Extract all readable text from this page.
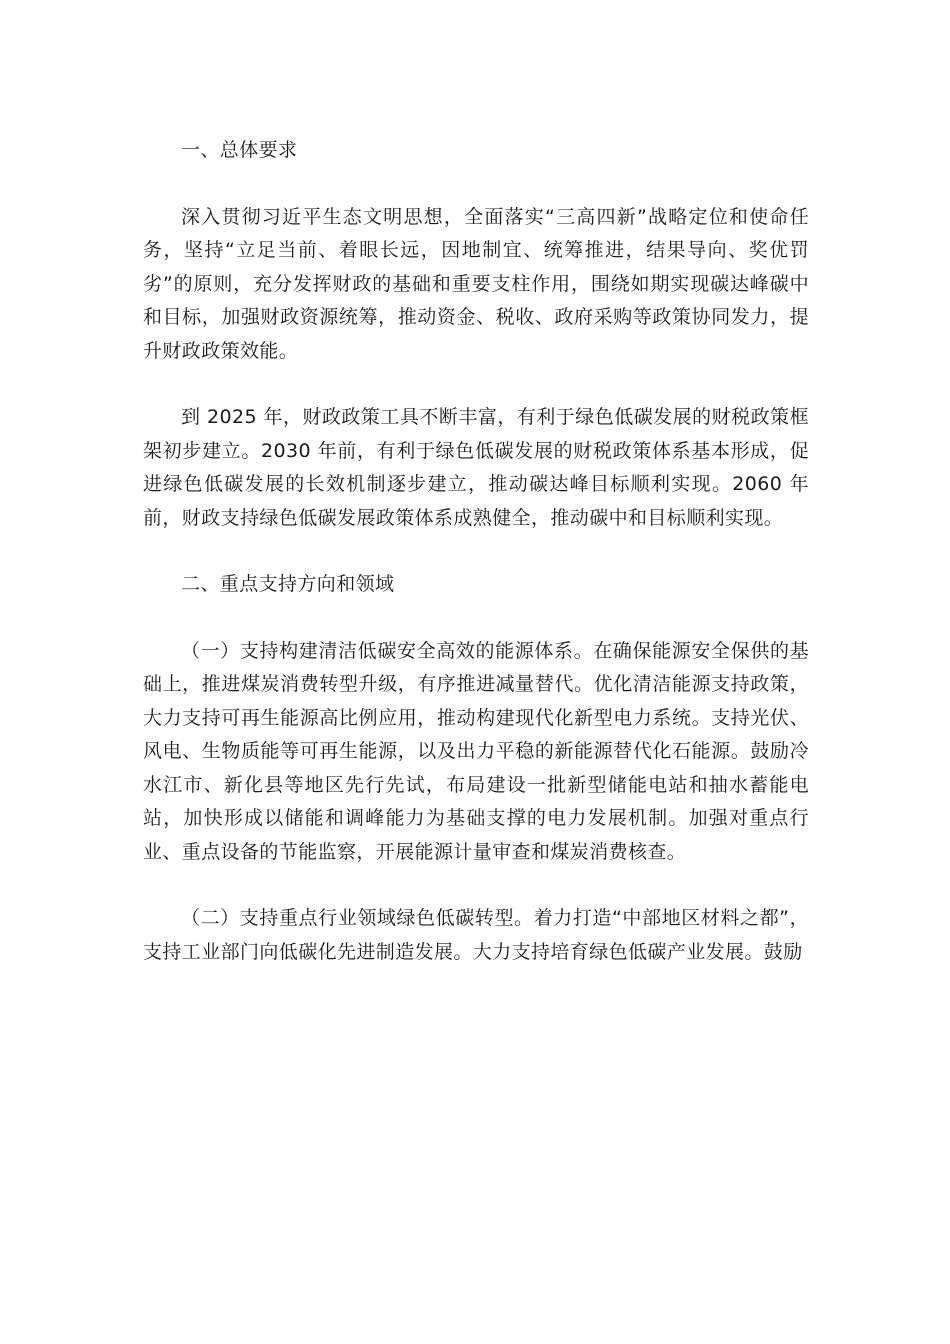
一、总体要求

深入贯彻习近平生态文明思想，全面落实“三高四新”战略定位和使命任务，坚持“立足当前、着眼长远，因地制宜、统筹推进，结果导向、奖优罚劣”的原则，充分发挥财政的基础和重要支柱作用，围绕如期实现碳达峰碳中和目标，加强财政资源统筹，推动资金、税收、政府采购等政策协同发力，提升财政政策效能。

到 2025 年，财政政策工具不断丰富，有利于绿色低碳发展的财税政策框架初步建立。2030 年前，有利于绿色低碳发展的财税政策体系基本形成，促进绿色低碳发展的长效机制逐步建立，推动碳达峰目标顺利实现。2060 年前，财政支持绿色低碳发展政策体系成熟健全，推动碳中和目标顺利实现。

二、重点支持方向和领域

（一）支持构建清洁低碳安全高效的能源体系。在确保能源安全保供的基础上，推进煤炭消费转型升级，有序推进减量替代。优化清洁能源支持政策，大力支持可再生能源高比例应用，推动构建现代化新型电力系统。支持光伏、风电、生物质能等可再生能源，以及出力平稳的新能源替代化石能源。鼓励冷水江市、新化县等地区先行先试，布局建设一批新型储能电站和抽水蓄能电站，加快形成以储能和调峰能力为基础支撑的电力发展机制。加强对重点行业、重点设备的节能监察，开展能源计量审查和煤炭消费核查。

（二）支持重点行业领域绿色低碳转型。着力打造“中部地区材料之都”，支持工业部门向低碳化先进制造发展。大力支持培育绿色低碳产业发展。鼓励
